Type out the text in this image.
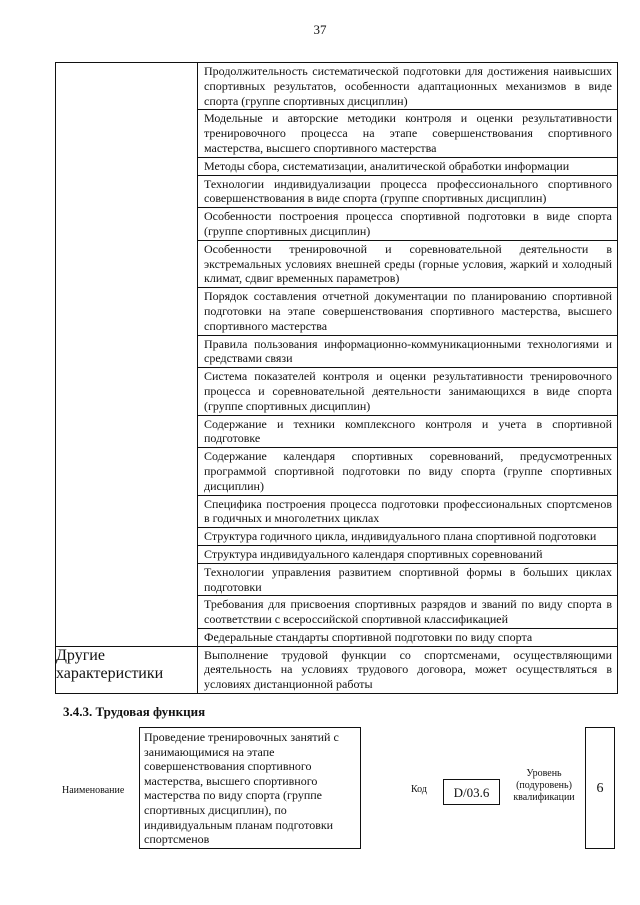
37

	Продолжительность систематической подготовки для достижения наивысших спортивных результатов, особенности адаптационных механизмов в виде спорта (группе спортивных дисциплин)

	Модельные и авторские методики контроля и оценки результативности тренировочного процесса на этапе совершенствования спортивного мастерства, высшего спортивного мастерства

	Методы сбора, систематизации, аналитической обработки информации

	Технологии индивидуализации процесса профессионального спортивного совершенствования в виде спорта (группе спортивных дисциплин)

	Особенности построения процесса спортивной подготовки в виде спорта (группе спортивных дисциплин)

	Особенности тренировочной и соревновательной деятельности в экстремальных условиях внешней среды (горные условия, жаркий и холодный климат, сдвиг временных параметров)

	Порядок составления отчетной документации по планированию спортивной подготовки на этапе совершенствования спортивного мастерства, высшего спортивного мастерства

	Правила пользования информационно-коммуникационными технологиями и средствами связи

	Система показателей контроля и оценки результативности тренировочного процесса и соревновательной деятельности занимающихся в виде спорта (группе спортивных дисциплин)

	Содержание и техники комплексного контроля и учета в спортивной подготовке

	Содержание календаря спортивных соревнований, предусмотренных программой спортивной подготовки по виду спорта (группе спортивных дисциплин)

	Специфика построения процесса подготовки профессиональных спортсменов в годичных и многолетних циклах

	Структура годичного цикла, индивидуального плана спортивной подготовки

	Структура индивидуального календаря спортивных соревнований

	Технологии управления развитием спортивной формы в больших циклах подготовки

	Требования для присвоения спортивных разрядов и званий по виду спорта в соответствии с всероссийской спортивной классификацией

	Федеральные стандарты спортивной подготовки по виду спорта

Другие характеристики	Выполнение трудовой функции со спортсменами, осуществляющими деятельность на условиях трудового договора, может осуществляться в условиях дистанционной работы
3.4.3. Трудовая функция
Наименование
Проведение тренировочных занятий с занимающимися на этапе совершенствования спортивного мастерства, высшего спортивного мастерства по виду спорта (группе спортивных дисциплин), по индивидуальным планам подготовки спортсменов
Код	D/03.6
Уровень (подуровень) квалификации
6
